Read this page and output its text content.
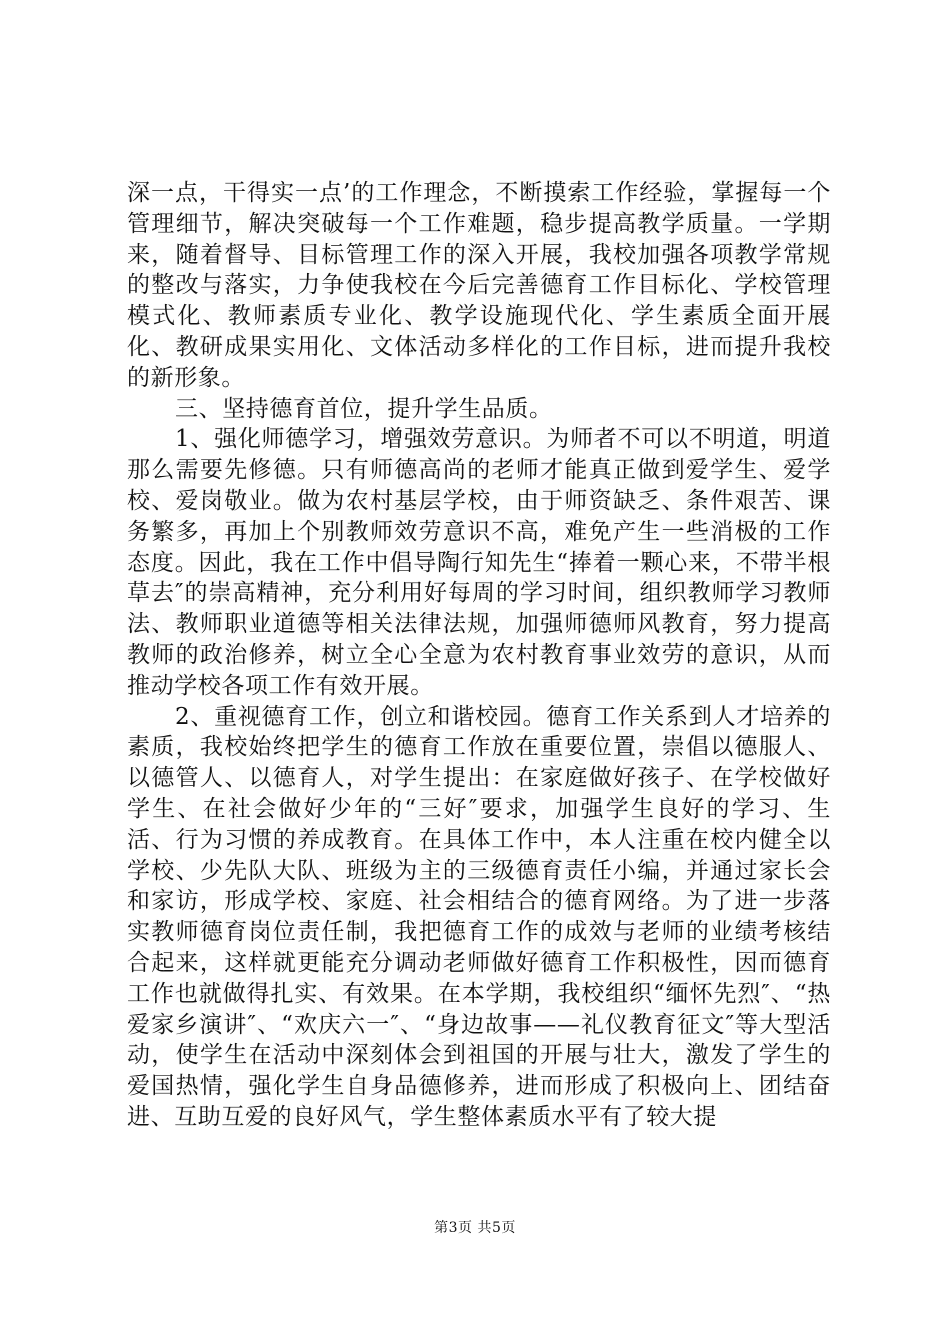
深一点，干得实一点’的工作理念，不断摸索工作经验，掌握每一个管理细节，解决突破每一个工作难题，稳步提高教学质量。一学期来，随着督导、目标管理工作的深入开展，我校加强各项教学常规的整改与落实，力争使我校在今后完善德育工作目标化、学校管理模式化、教师素质专业化、教学设施现代化、学生素质全面开展化、教研成果实用化、文体活动多样化的工作目标，进而提升我校的新形象。

三、坚持德育首位，提升学生品质。

1、强化师德学习，增强效劳意识。为师者不可以不明道，明道那么需要先修德。只有师德高尚的老师才能真正做到爱学生、爱学校、爱岗敬业。做为农村基层学校，由于师资缺乏、条件艰苦、课务繁多，再加上个别教师效劳意识不高，难免产生一些消极的工作态度。因此，我在工作中倡导陶行知先生“捧着一颗心来，不带半根草去″的崇高精神，充分利用好每周的学习时间，组织教师学习教师法、教师职业道德等相关法律法规，加强师德师风教育，努力提高教师的政治修养，树立全心全意为农村教育事业效劳的意识，从而推动学校各项工作有效开展。

2、重视德育工作，创立和谐校园。德育工作关系到人才培养的素质，我校始终把学生的德育工作放在重要位置，崇倡以德服人、以德管人、以德育人，对学生提出：在家庭做好孩子、在学校做好学生、在社会做好少年的“三好″要求，加强学生良好的学习、生活、行为习惯的养成教育。在具体工作中，本人注重在校内健全以学校、少先队大队、班级为主的三级德育责任小编，并通过家长会和家访，形成学校、家庭、社会相结合的德育网络。为了进一步落实教师德育岗位责任制，我把德育工作的成效与老师的业绩考核结合起来，这样就更能充分调动老师做好德育工作积极性，因而德育工作也就做得扎实、有效果。在本学期，我校组织“缅怀先烈″、“热爱家乡演讲″、“欢庆六一″、“身边故事——礼仪教育征文″等大型活动，使学生在活动中深刻体会到祖国的开展与壮大，激发了学生的爱国热情，强化学生自身品德修养，进而形成了积极向上、团结奋进、互助互爱的良好风气，学生整体素质水平有了较大提

第3页 共5页
